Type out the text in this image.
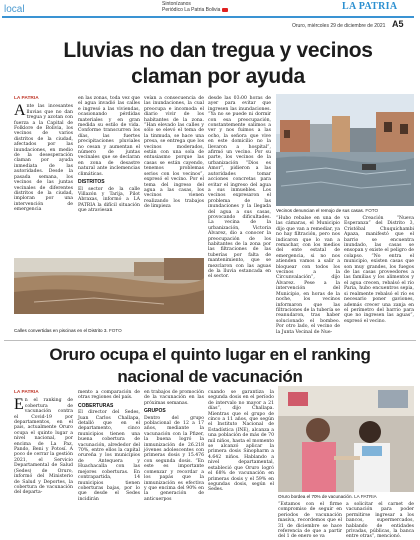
local	Sintonízanos
Periódico La Patria Bolivia	LA PATRIA
Oruro, miércoles 29 de diciembre de 2021 A5
Lluvias no dan tregua y vecinos claman por ayuda
LA PATRIA
A nte las incesantes lluvias que no dan tregua y azotan con fuerza a la Capital de Folklore de Bolivia, los vecinos de varios distritos de la ciudad, afectados por las inundaciones, en medio de la desesperación claman por ayuda inmediata de las autoridades. Desde la pasada semana, los vecinos de las juntas vecinales de diferentes distritos de la ciudad, imploran por una intervención de emergencia
en las zonas, toda vez que el agua invadió las calles e ingresó a las viviendas, ocasionando pérdidas materiales y en gran medida su estilo de vida. Conforme transcurren los días, las fuertes precipitaciones pluviales no cesan y aumentan el número de juntas vecinales que se declaran en zona de desastre natural ante inclemencias climáticas.
DISTRITOS
El sector de la calle Villazón y Tarija, Pilot Abraxas, informó a LA PATRIA la difícil situación que atraviesan
veían a consecuencia de las inundaciones, la cual preocupa e incomoda el diario vivir de los habitantes de la zona. “Han elevado las calles y sólo se elevó el tema de la tinmuda, se hace una presa, se entrega que los vecinos moderados, están con una sola de entusiasmo porque las casas se están cayendo, tenemos problemas serios con los vecinos”, expresó el vecino. Por el tema del ingreso del agua a las casas, los vecinos vienen realizando los trabajos de limpieza
desde las 03:00 horas de ayer para evitar que ingresen las inundaciones. “Ya no se puede ni dormir con esa preocupación, constantemente salimos a ver y nos fuimos a las ocho, la señora que vive en este domicilio no la llevaron a hospital”, afirmó un vecino. Por su parte, los vecinos de la urbanización “Dios es Amor”, pidieron a las autoridades tomar acciones concretas para evitar el ingreso del agua a sus inmuebles. Los vecinos expresaron el problema de las inundaciones y la llegada del agua a sus casas, provocando dificultades. La vecina de la urbanización, Victoria Álvarez, dio a conocer la preocupación de los habitantes de la zona por las filtraciones de las tuberías por falta de mantenimiento, que se mezclaron con las aguas de la lluvia estancada en el sector.
Vecinos denuncian el remojo de sus casas. FOTO
“Hubo rebalse en una de las cámaras, el Municipio dijo que van a remediar, ya no hay filtración, pero nos indicaron que lo van a remachar, con los medios del ente estatal de emergencia, si no nos atienden vamos a salir a bloquear con todos los vecinos a la Circunvalación”, dijo Álvarez. Pese a la intervención del Municipio, en horas de la noche, los vecinos informaron que las filtraciones de la tubería se reanudaron, tras haber solucionado el bombeo. Por otro lado, el vecino de la Junta Vecinal de Nue-
va Creación “Nueva Esperanza” del Distrito 3, Cristóbal Chuquichambi Apaza, manifestó que el barrio se encuentra inundado, las casas se ensopan y existe el peligro de colapso. “No entra el municipio, existen casas que son muy grandes, los fuegos de las casas proveedores a las familias y los alimentos y el agua crecen, rebalsó el río Paria, hubo encuentros sepia, si realmente rebalsó el río es necesario poner gaviones, además crecer una zanja en el perímetro del barrio para que no ingresen las aguas”, expresó el vecino.
Calles convertidas en piscinas en el Distrito 3. FOTO
Oruro ocupa el quinto lugar en el ranking nacional de vacunación
LA PATRIA
E n el ranking de cobertura de vacunación contra el Covid-19 por departamentos, en el país, actualmente Oruro ocupa el quinto lugar a nivel nacional, por encima de La Paz, Pando, Beni y Potosí. A poco de cerrar la gestión 2021, el Servicio Departamental de Salud (Sedes) de Oruro, informó del Ministerio de Salud y Deportes, la cobertura de vacunación del departa-
mento a comparación de otras regiones del país.
COBERTURAS
El director del Sedes, Juan Carlos Challapa, detalló que en el departamento, cinco municipios tienen una buena cobertura de vacunación, alrededor del 70%, entre ellos la capital orureña y los municipios de Antequera y Huachacalla con las mejores coberturas. En contrapartida, 14 municipios tienen coberturas bajas, por lo que desde el Sedes incidirán
en trabajos de promoción de la vacunación en las próximas semanas.
GRUPOS
Dentro del grupo poblacional de 12 a 17 años, mediante la vacunación con la Pfizer, la buena logró la inmunización de 26.218 jóvenes adolescentes con primeras dosis y 15.476 con segunda dosis. “En este es importante comenzar y recordar a los papás que la inmunización es efectiva y que encima del 90% en la generación de anticuerpos
cuando se garantiza la segunda dosis en el período de intervalo no mayor a 21 días”, dijo Challapa. Mientras que el grupo de cinco a 11 años, que según el Instituto Nacional de Estadística (INE), alcanza a una población de más de 70 mil niños, hasta el momento se alcanzó aplicar la primera dosis Sinopharm a 4.642 niños. Hablando a nivel departamental, estableció que Oruro logró el 68% de vacunación en primeras dosis y el 59% en segundas dosis, según el Sedes.
Oruro bordea el 70% de vacunación. LA PATRIA
“Estamos con el firme compromiso de seguir en periodos de vacunación masiva, recordemos que el 31 de diciembre se hace referencia de que a partir del 1 de enero se va
a solicitar el carnet de vacunación para poder permitirse ingresar a los bancos, supermercados, hablando de entidades privadas, públicas, la banca entre otras”, mencionó.
